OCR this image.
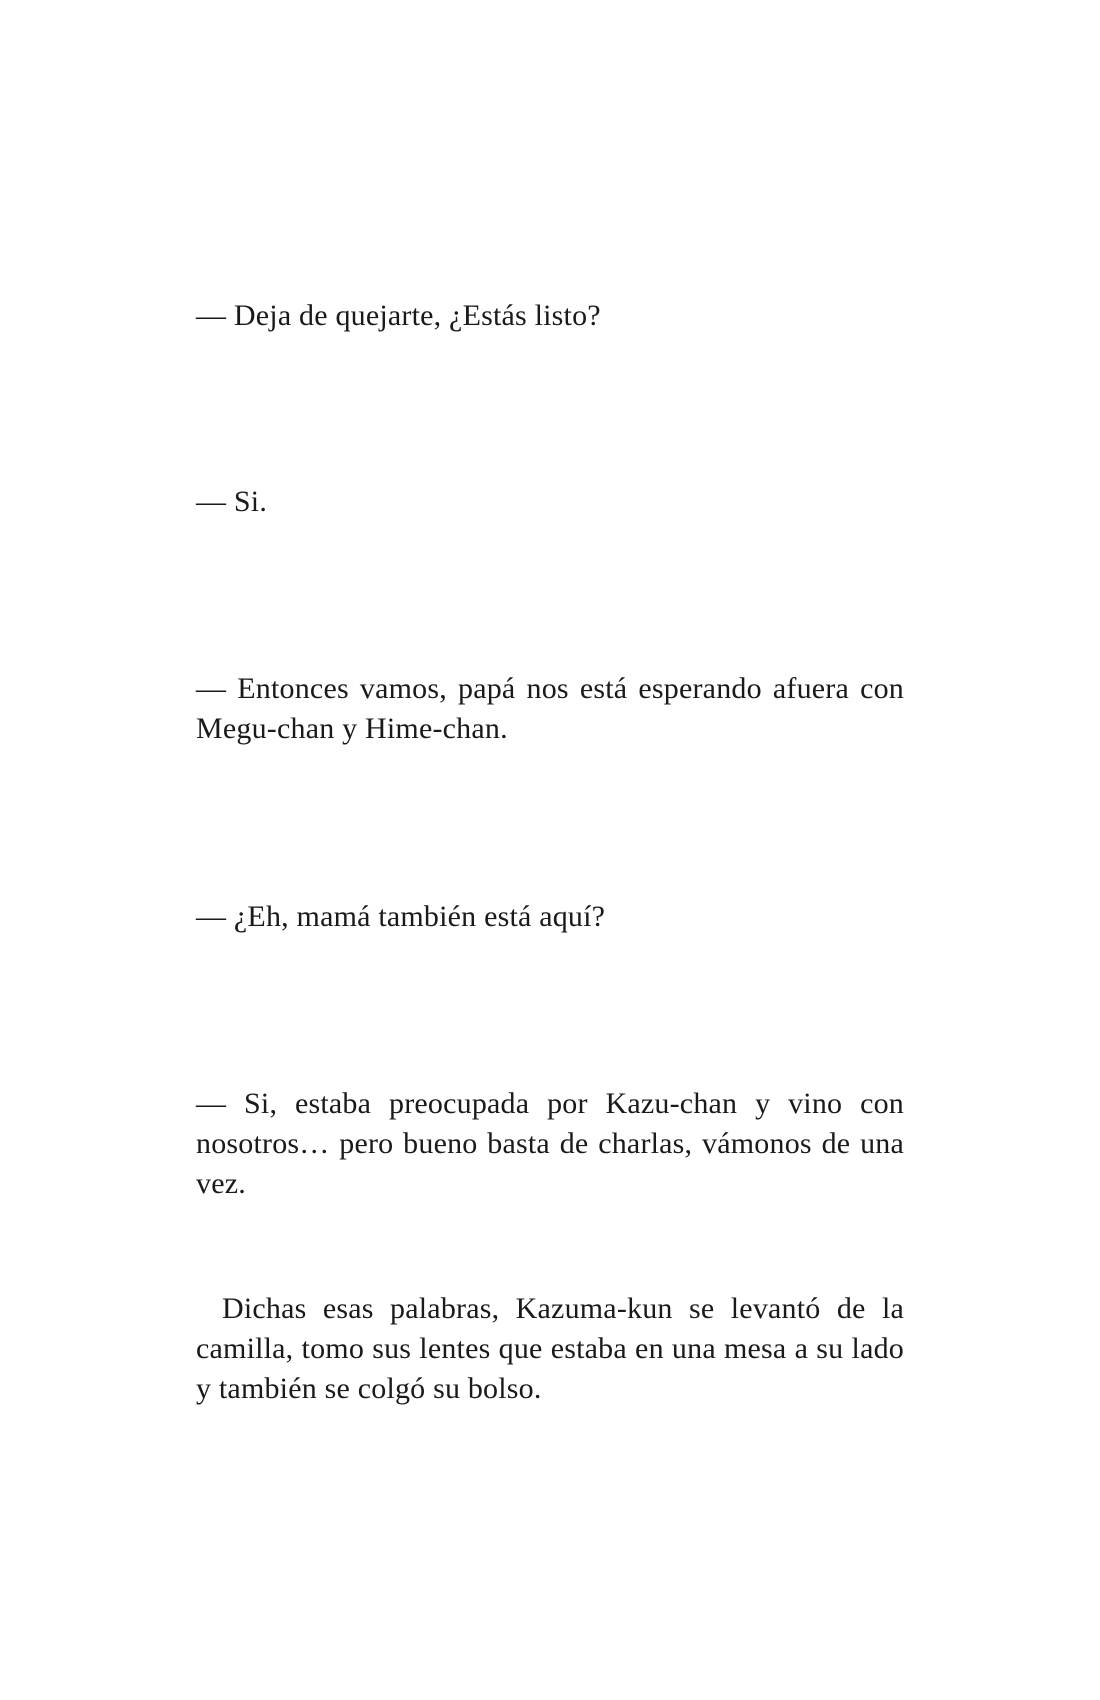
— Deja de quejarte, ¿Estás listo?

— Si.

— Entonces vamos, papá nos está esperando afuera con Megu-chan y Hime-chan.

— ¿Eh, mamá también está aquí?

— Si, estaba preocupada por Kazu-chan y vino con nosotros… pero bueno basta de charlas, vámonos de una vez.

Dichas esas palabras, Kazuma-kun se levantó de la camilla, tomo sus lentes que estaba en una mesa a su lado y también se colgó su bolso.
